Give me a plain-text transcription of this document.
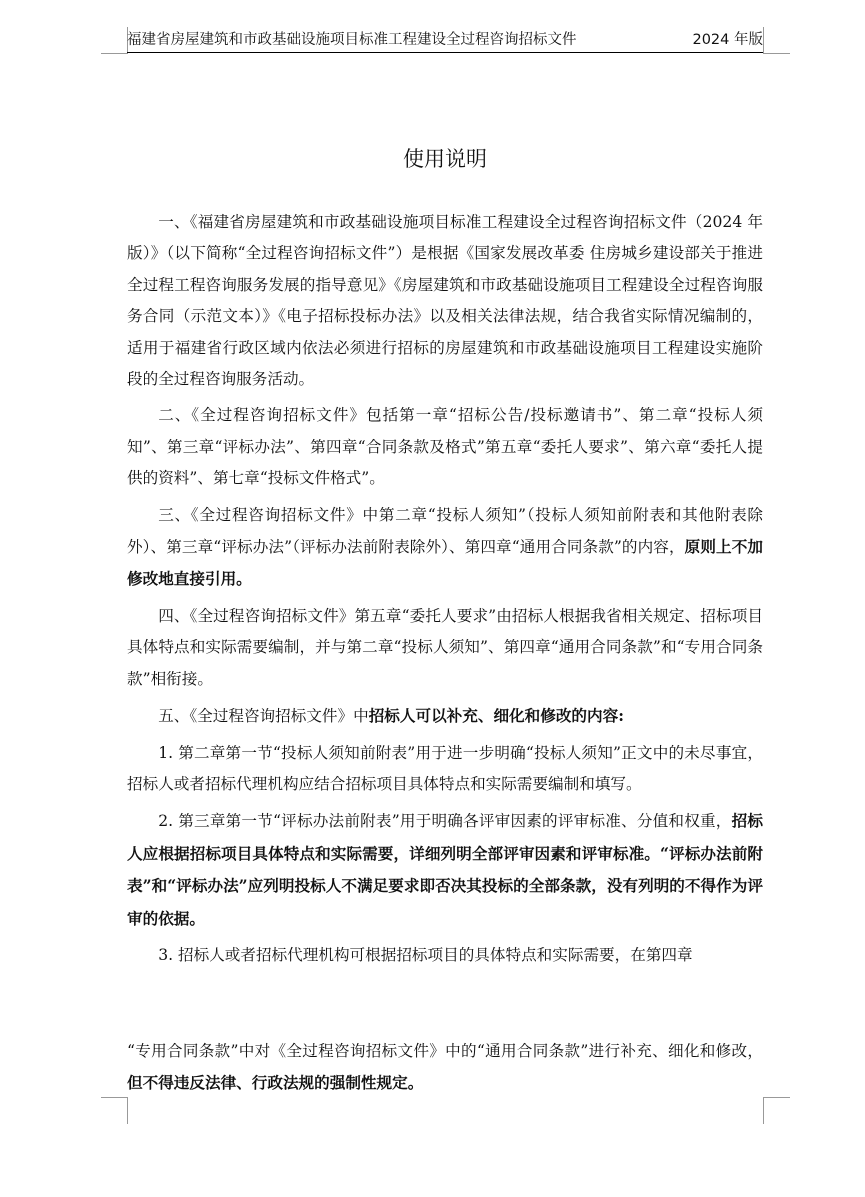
福建省房屋建筑和市政基础设施项目标准工程建设全过程咨询招标文件	2024 年版
使用说明

一、《福建省房屋建筑和市政基础设施项目标准工程建设全过程咨询招标文件（2024 年版）》（以下简称“全过程咨询招标文件”）是根据《国家发展改革委 住房城乡建设部关于推进全过程工程咨询服务发展的指导意见》《房屋建筑和市政基础设施项目工程建设全过程咨询服务合同（示范文本）》《电子招标投标办法》以及相关法律法规，结合我省实际情况编制的，适用于福建省行政区域内依法必须进行招标的房屋建筑和市政基础设施项目工程建设实施阶段的全过程咨询服务活动。

二、《全过程咨询招标文件》包括第一章“招标公告/投标邀请书”、第二章“投标人须知”、第三章“评标办法”、第四章“合同条款及格式”第五章“委托人要求”、第六章“委托人提供的资料”、第七章“投标文件格式”。

三、《全过程咨询招标文件》中第二章“投标人须知”（投标人须知前附表和其他附表除外）、第三章“评标办法”（评标办法前附表除外）、第四章“通用合同条款”的内容，原则上不加修改地直接引用。

四、《全过程咨询招标文件》第五章“委托人要求”由招标人根据我省相关规定、招标项目具体特点和实际需要编制，并与第二章“投标人须知”、第四章“通用合同条款”和“专用合同条款”相衔接。

五、《全过程咨询招标文件》中招标人可以补充、细化和修改的内容:

1. 第二章第一节“投标人须知前附表”用于进一步明确“投标人须知”正文中的未尽事宜，招标人或者招标代理机构应结合招标项目具体特点和实际需要编制和填写。

2. 第三章第一节“评标办法前附表”用于明确各评审因素的评审标准、分值和权重，招标人应根据招标项目具体特点和实际需要，详细列明全部评审因素和评审标准。“评标办法前附表”和“评标办法”应列明投标人不满足要求即否决其投标的全部条款，没有列明的不得作为评审的依据。

3. 招标人或者招标代理机构可根据招标项目的具体特点和实际需要，在第四章

“专用合同条款”中对《全过程咨询招标文件》中的“通用合同条款”进行补充、细化和修改，但不得违反法律、行政法规的强制性规定。
